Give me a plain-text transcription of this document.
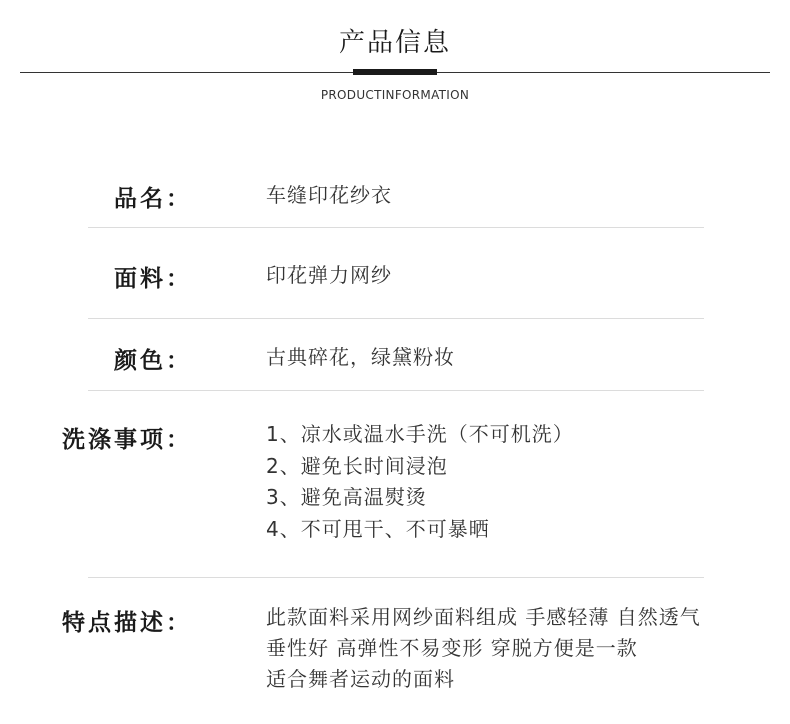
产品信息
PRODUCTINFORMATION
品名：	车缝印花纱衣
面料：	印花弹力网纱
颜色：	古典碎花，绿黛粉妆
洗涤事项：	1、凉水或温水手洗（不可机洗）
2、避免长时间浸泡
3、避免高温熨烫
4、不可甩干、不可暴晒
特点描述：	此款面料采用网纱面料组成 手感轻薄 自然透气
垂性好 高弹性不易变形 穿脱方便是一款
适合舞者运动的面料
